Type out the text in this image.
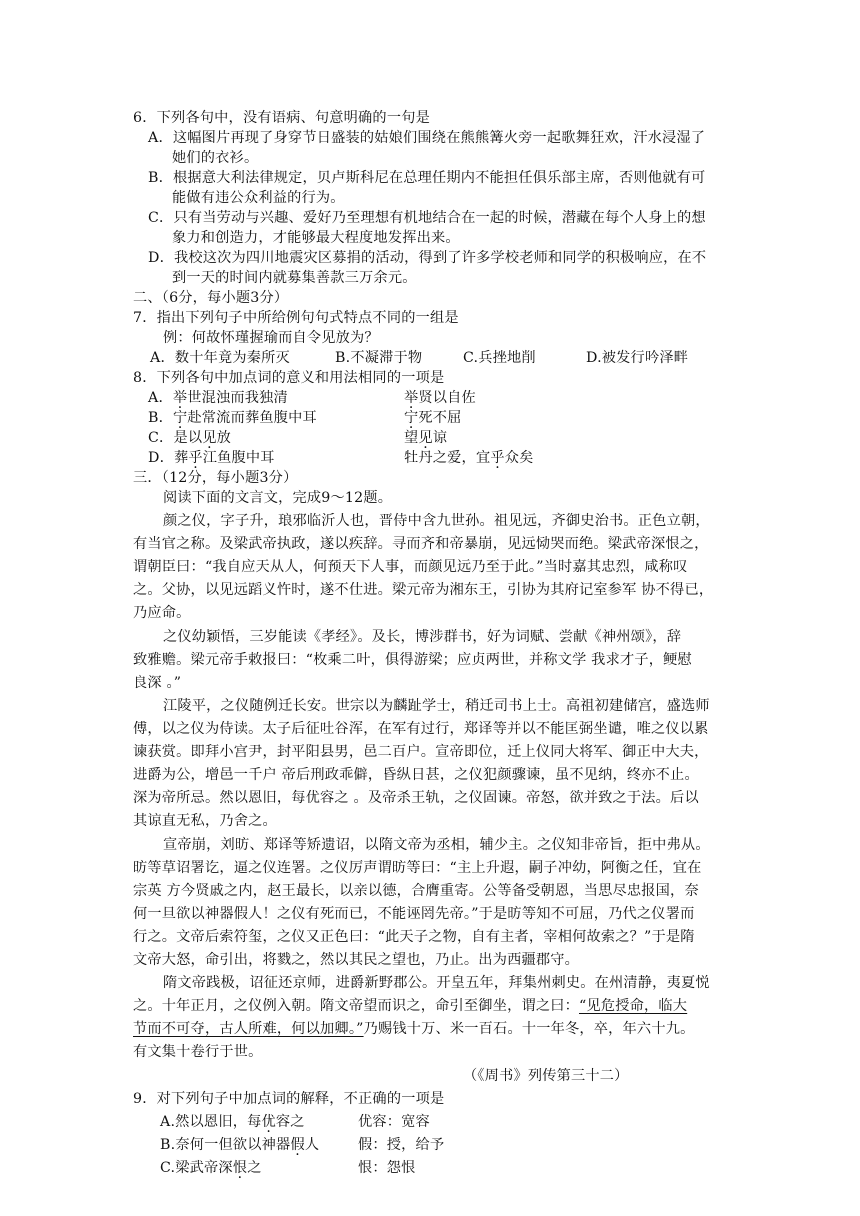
6．下列各句中，没有语病、句意明确的一句是
A．这幅图片再现了身穿节日盛装的姑娘们围绕在熊熊篝火旁一起歌舞狂欢，汗水浸湿了
她们的衣衫。
B．根据意大利法律规定，贝卢斯科尼在总理任期内不能担任俱乐部主席，否则他就有可
能做有违公众利益的行为。
C．只有当劳动与兴趣、爱好乃至理想有机地结合在一起的时候，潜藏在每个人身上的想
象力和创造力，才能够最大程度地发挥出来。
D．我校这次为四川地震灾区募捐的活动，得到了许多学校老师和同学的积极响应，在不
到一天的时间内就募集善款三万余元。
二、（6分，每小题3分）
7．指出下列句子中所给例句句式特点不同的一组是
例：何故怀瑾握瑜而自令见放为？
A．数十年竟为秦所灭	B.不凝滞于物	C.兵挫地削	D.被发行吟泽畔
8．下列各句中加点词的意义和用法相同的一项是
A．举世混浊而我独清	举贤以自佐
B．宁赴常流而葬鱼腹中耳	宁死不屈
C．是以见放	望见谅
D．葬乎江鱼腹中耳	牡丹之爱，宜乎众矣
三．（12分，每小题3分）
阅读下面的文言文，完成9～12题。
颜之仪，字子升，琅邪临沂人也，晋侍中含九世孙。祖见远，齐御史治书。正色立朝，
有当官之称。及梁武帝执政，遂以疾辞。寻而齐和帝暴崩，见远恸哭而绝。梁武帝深恨之，
谓朝臣曰：“我自应天从人，何预天下人事，而颜见远乃至于此。”当时嘉其忠烈，咸称叹
之。父协，以见远蹈义忤时，遂不仕进。梁元帝为湘东王，引协为其府记室参军 协不得已，
乃应命。
之仪幼颖悟，三岁能读《孝经》。及长，博涉群书，好为词赋、尝献《神州颂》，辞
致雅赡。梁元帝手敕报曰：“枚乘二叶，俱得游梁；应贞两世，并称文学 我求才子，鲠慰
良深 。”
江陵平，之仪随例迁长安。世宗以为麟趾学士，稍迁司书上士。高祖初建储宫，盛选师
傅，以之仪为侍读。太子后征吐谷浑，在军有过行，郑译等并以不能匡弼坐谴，唯之仪以累
谏获赏。即拜小宫尹，封平阳县男，邑二百户。宣帝即位，迁上仪同大将军、御正中大夫，
进爵为公，增邑一千户 帝后刑政乖僻，昏纵日甚，之仪犯颜骤谏，虽不见纳，终亦不止。
深为帝所忌。然以恩旧，每优容之 。及帝杀王轨，之仪固谏。帝怒，欲并致之于法。后以
其谅直无私，乃舍之。
宣帝崩，刘昉、郑译等矫遗诏，以隋文帝为丞相，辅少主。之仪知非帝旨，拒中弗从。
昉等草诏署讫，逼之仪连署。之仪厉声谓昉等曰：“主上升遐，嗣子冲幼，阿衡之任，宜在
宗英 方今贤戚之内，赵王最长，以亲以德，合膺重寄。公等备受朝恩，当思尽忠报国，奈
何一旦欲以神器假人！之仪有死而已，不能诬罔先帝。”于是昉等知不可屈，乃代之仪署而
行之。文帝后索符玺，之仪又正色曰：“此天子之物，自有主者，宰相何故索之？”于是隋
文帝大怒，命引出，将戮之，然以其民之望也，乃止。出为西疆郡守。
隋文帝践极，诏征还京师，进爵新野郡公。开皇五年，拜集州刺史。在州清静，夷夏悦
之。十年正月，之仪例入朝。隋文帝望而识之，命引至御坐，谓之曰：“见危授命，临大
节而不可夺，古人所难，何以加卿。”乃赐钱十万、米一百石。十一年冬，卒，年六十九。
有文集十卷行于世。
（《周书》列传第三十二）
9．对下列句子中加点词的解释，不正确的一项是
A.然以恩旧，每优容之	优容：宽容
B.奈何一但欲以神器假人	假：授，给予
C.梁武帝深恨之	恨：怨恨
